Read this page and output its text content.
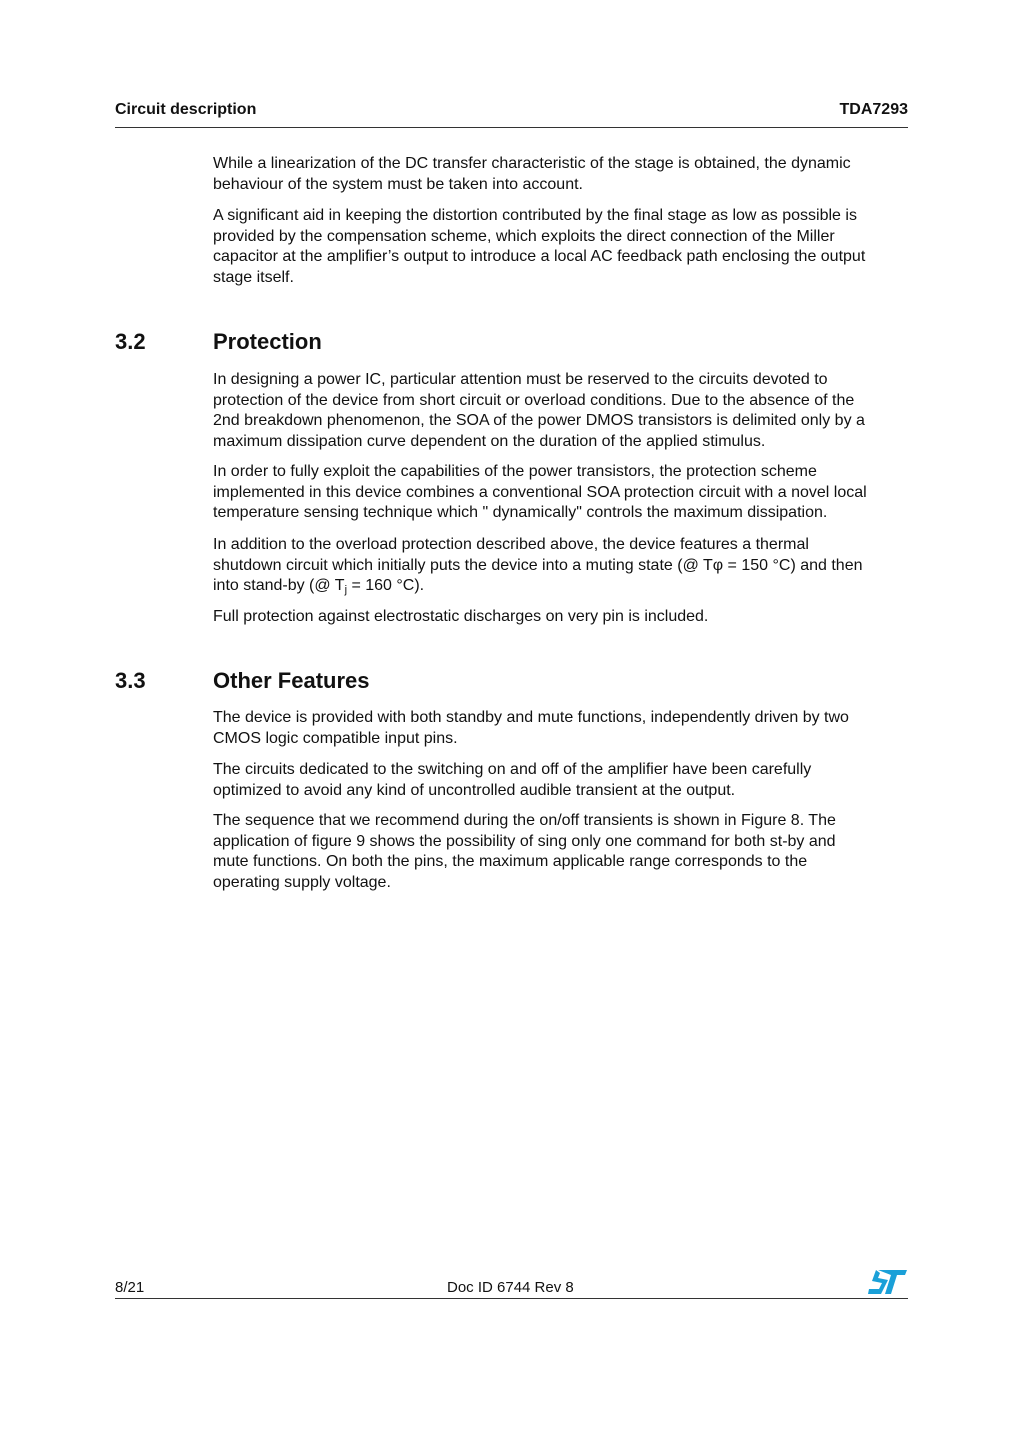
Circuit description	TDA7293
While a linearization of the DC transfer characteristic of the stage is obtained, the dynamic
behaviour of the system must be taken into account.
A significant aid in keeping the distortion contributed by the final stage as low as possible is
provided by the compensation scheme, which exploits the direct connection of the Miller
capacitor at the amplifier’s output to introduce a local AC feedback path enclosing the output
stage itself.
3.2	Protection
In designing a power IC, particular attention must be reserved to the circuits devoted to
protection of the device from short circuit or overload conditions. Due to the absence of the
2nd breakdown phenomenon, the SOA of the power DMOS transistors is delimited only by a
maximum dissipation curve dependent on the duration of the applied stimulus.
In order to fully exploit the capabilities of the power transistors, the protection scheme
implemented in this device combines a conventional SOA protection circuit with a novel local
temperature sensing technique which " dynamically" controls the maximum dissipation.
In addition to the overload protection described above, the device features a thermal
shutdown circuit which initially puts the device into a muting state (@ Tφ = 150 °C) and then
into stand-by (@ $T_j = 160$ °C).
Full protection against electrostatic discharges on very pin is included.
3.3	Other Features
The device is provided with both standby and mute functions, independently driven by two
CMOS logic compatible input pins.
The circuits dedicated to the switching on and off of the amplifier have been carefully
optimized to avoid any kind of uncontrolled audible transient at the output.
The sequence that we recommend during the on/off transients is shown in Figure 8. The
application of figure 9 shows the possibility of sing only one command for both st-by and
mute functions. On both the pins, the maximum applicable range corresponds to the
operating supply voltage.
8/21	Doc ID 6744 Rev 8
